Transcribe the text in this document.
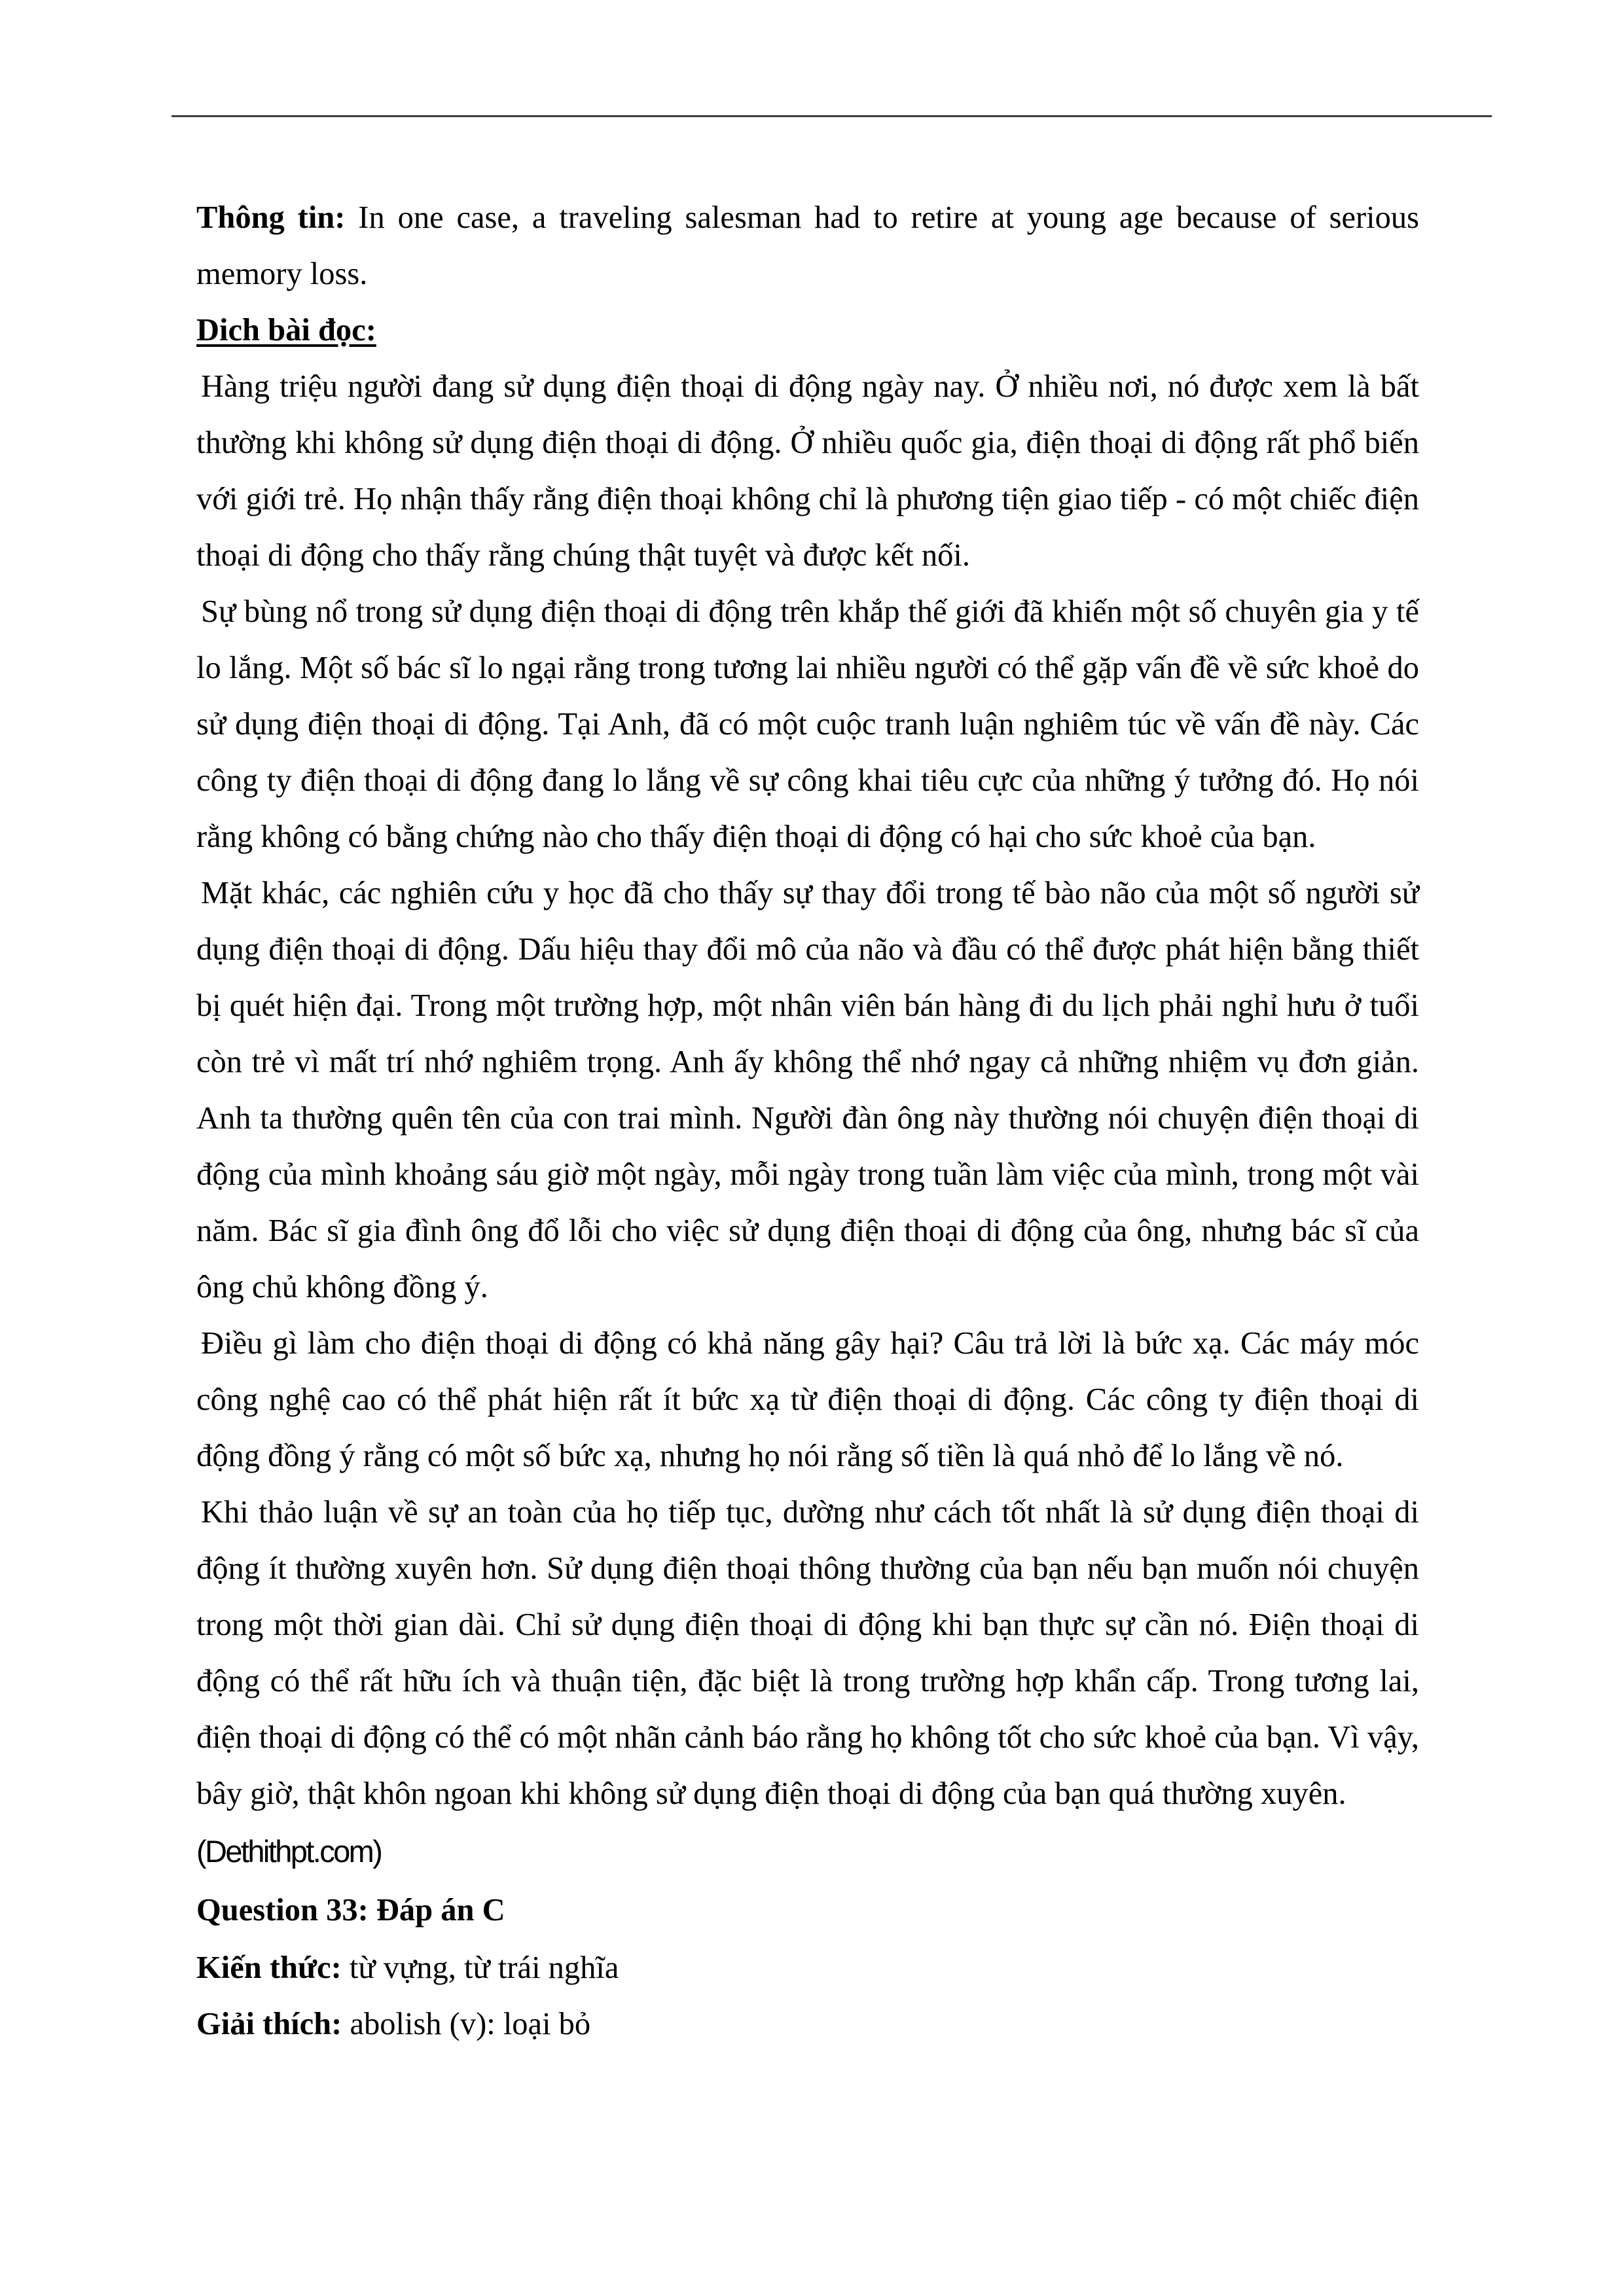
Thông tin: In one case, a traveling salesman had to retire at young age because of serious memory loss.

Dich bài đọc:

Hàng triệu người đang sử dụng điện thoại di động ngày nay. Ở nhiều nơi, nó được xem là bất thường khi không sử dụng điện thoại di động. Ở nhiều quốc gia, điện thoại di động rất phổ biến với giới trẻ. Họ nhận thấy rằng điện thoại không chỉ là phương tiện giao tiếp - có một chiếc điện thoại di động cho thấy rằng chúng thật tuyệt và được kết nối.

Sự bùng nổ trong sử dụng điện thoại di động trên khắp thế giới đã khiến một số chuyên gia y tế lo lắng. Một số bác sĩ lo ngại rằng trong tương lai nhiều người có thể gặp vấn đề về sức khoẻ do sử dụng điện thoại di động. Tại Anh, đã có một cuộc tranh luận nghiêm túc về vấn đề này. Các công ty điện thoại di động đang lo lắng về sự công khai tiêu cực của những ý tưởng đó. Họ nói rằng không có bằng chứng nào cho thấy điện thoại di động có hại cho sức khoẻ của bạn.

Mặt khác, các nghiên cứu y học đã cho thấy sự thay đổi trong tế bào não của một số người sử dụng điện thoại di động. Dấu hiệu thay đổi mô của não và đầu có thể được phát hiện bằng thiết bị quét hiện đại. Trong một trường hợp, một nhân viên bán hàng đi du lịch phải nghỉ hưu ở tuổi còn trẻ vì mất trí nhớ nghiêm trọng. Anh ấy không thể nhớ ngay cả những nhiệm vụ đơn giản. Anh ta thường quên tên của con trai mình. Người đàn ông này thường nói chuyện điện thoại di động của mình khoảng sáu giờ một ngày, mỗi ngày trong tuần làm việc của mình, trong một vài năm. Bác sĩ gia đình ông đổ lỗi cho việc sử dụng điện thoại di động của ông, nhưng bác sĩ của ông chủ không đồng ý.

Điều gì làm cho điện thoại di động có khả năng gây hại? Câu trả lời là bức xạ. Các máy móc công nghệ cao có thể phát hiện rất ít bức xạ từ điện thoại di động. Các công ty điện thoại di động đồng ý rằng có một số bức xạ, nhưng họ nói rằng số tiền là quá nhỏ để lo lắng về nó.

Khi thảo luận về sự an toàn của họ tiếp tục, dường như cách tốt nhất là sử dụng điện thoại di động ít thường xuyên hơn. Sử dụng điện thoại thông thường của bạn nếu bạn muốn nói chuyện trong một thời gian dài. Chỉ sử dụng điện thoại di động khi bạn thực sự cần nó. Điện thoại di động có thể rất hữu ích và thuận tiện, đặc biệt là trong trường hợp khẩn cấp. Trong tương lai, điện thoại di động có thể có một nhãn cảnh báo rằng họ không tốt cho sức khoẻ của bạn. Vì vậy, bây giờ, thật khôn ngoan khi không sử dụng điện thoại di động của bạn quá thường xuyên.

(Dethithpt.com)

Question 33: Đáp án C

Kiến thức: từ vựng, từ trái nghĩa

Giải thích: abolish (v): loại bỏ
